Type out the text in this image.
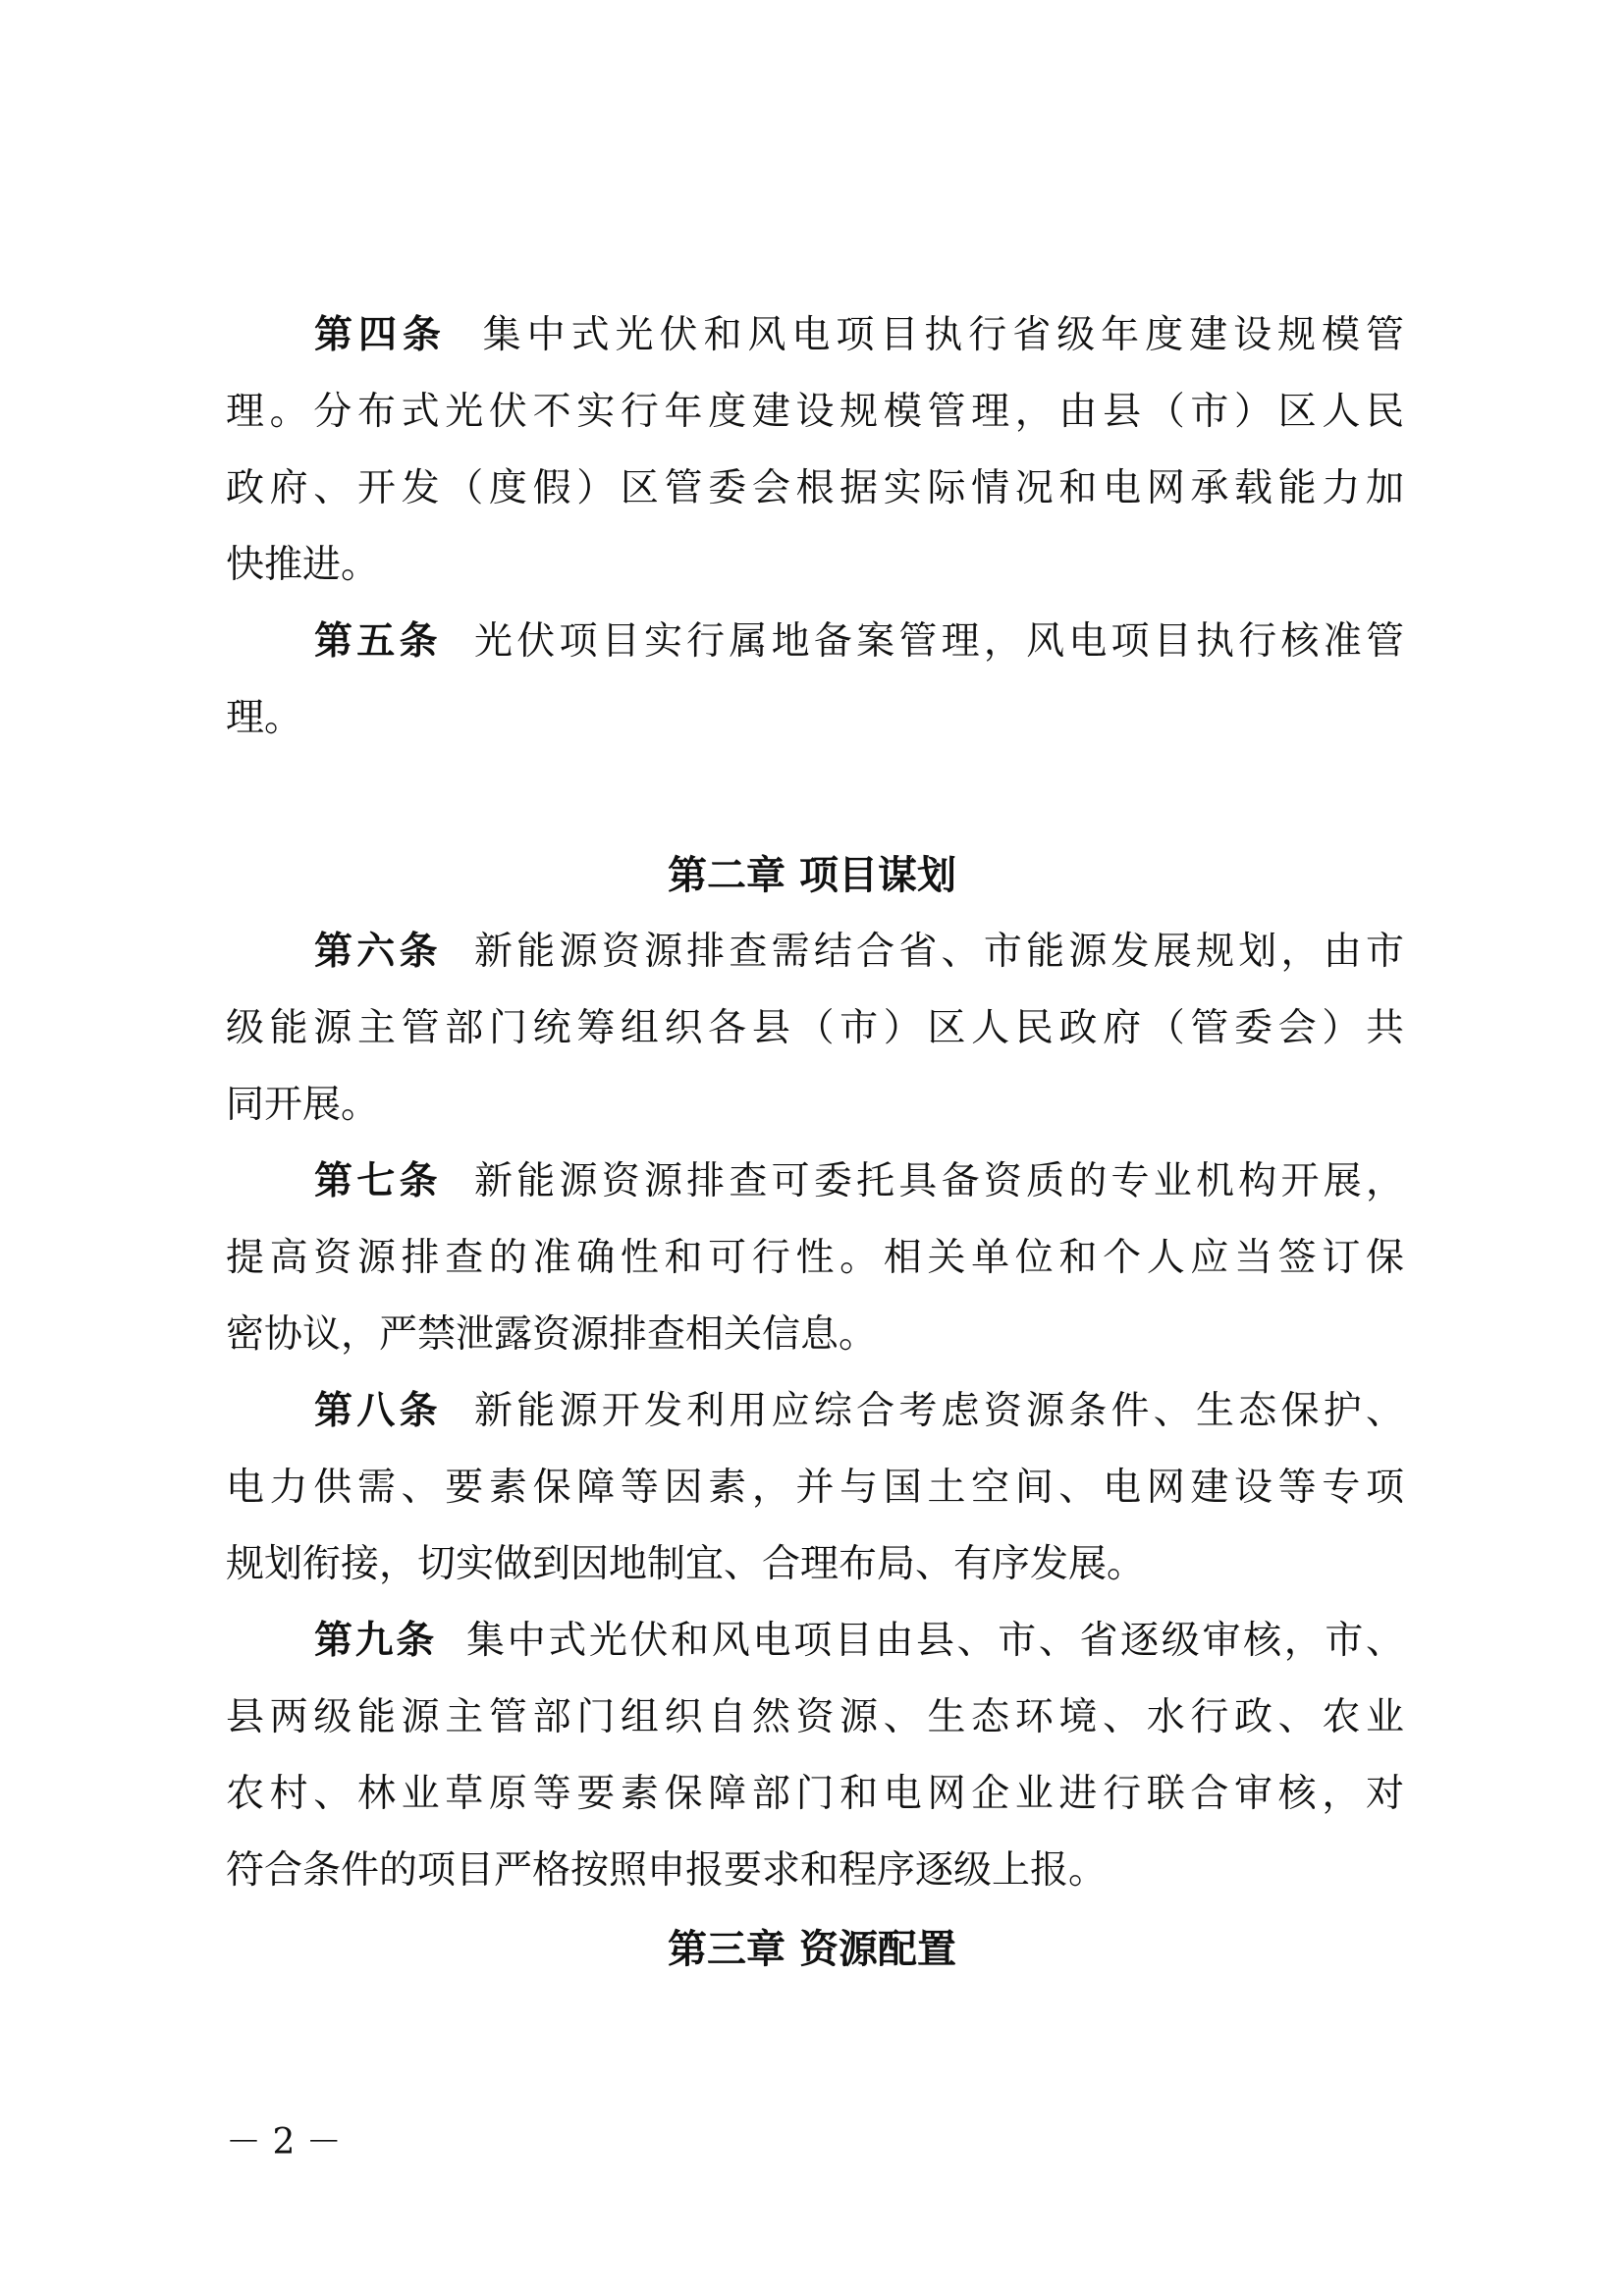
第四条 集中式光伏和风电项目执行省级年度建设规模管
理。分布式光伏不实行年度建设规模管理，由县（市）区人民
政府、开发（度假）区管委会根据实际情况和电网承载能力加
快推进。
第五条 光伏项目实行属地备案管理，风电项目执行核准管
理。
第二章 项目谋划
第六条 新能源资源排查需结合省、市能源发展规划，由市
级能源主管部门统筹组织各县（市）区人民政府（管委会）共
同开展。
第七条 新能源资源排查可委托具备资质的专业机构开展，
提高资源排查的准确性和可行性。相关单位和个人应当签订保
密协议，严禁泄露资源排查相关信息。
第八条 新能源开发利用应综合考虑资源条件、生态保护、
电力供需、要素保障等因素，并与国土空间、电网建设等专项
规划衔接，切实做到因地制宜、合理布局、有序发展。
第九条 集中式光伏和风电项目由县、市、省逐级审核，市、
县两级能源主管部门组织自然资源、生态环境、水行政、农业
农村、林业草原等要素保障部门和电网企业进行联合审核，对
符合条件的项目严格按照申报要求和程序逐级上报。
第三章 资源配置
－ 2 －
